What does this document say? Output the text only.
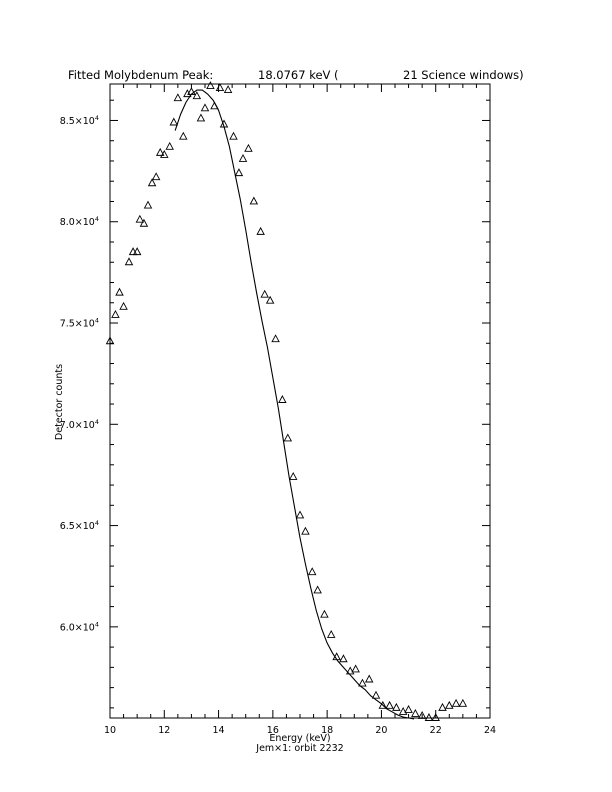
Fitted Molybdenum Peak:	18.0767 keV (	21 Science windows)
10	12	14	16	18	20	22	24
$6.0\times 10^4$
$6.5\times 10^4$
$7.0\times 10^4$
$7.5\times 10^4$
$8.0\times 10^4$
$8.5\times 10^4$
Energy (keV)
Jem×1: orbit 2232
Detector counts
